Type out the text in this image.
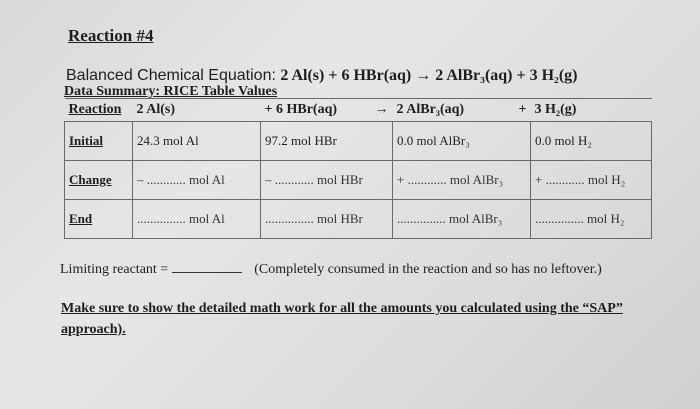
Reaction #4
Balanced Chemical Equation: 2 Al(s) + 6 HBr(aq) → 2 AlBr₃(aq) + 3 H₂(g)
Data Summary: RICE Table Values
Reaction	2 Al(s)	+ 6 HBr(aq) →	2 AlBr₃(aq) +	3 H₂(g)
Initial	24.3 mol Al	97.2 mol HBr	0.0 mol AlBr₃	0.0 mol H₂
Change	– ............ mol Al	– ............ mol HBr	+ ............ mol AlBr₃	+ ............ mol H₂
End	............... mol Al	............... mol HBr	............... mol AlBr₃	............... mol H₂
Limiting reactant =	(Completely consumed in the reaction and so has no leftover.)
Make sure to show the detailed math work for all the amounts you calculated using the “SAP” approach).
